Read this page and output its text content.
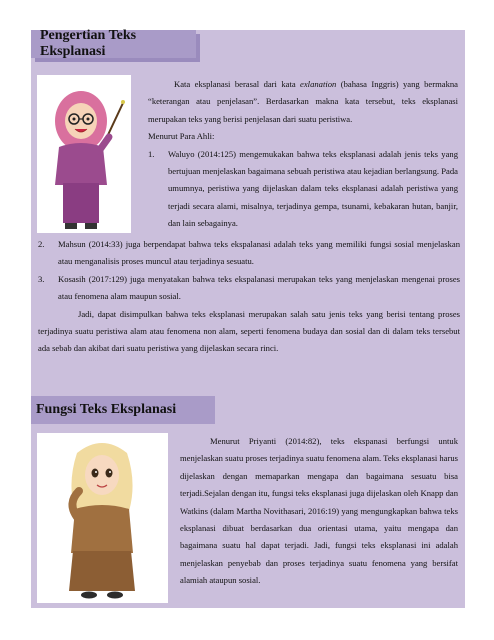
Pengertian Teks Eksplanasi
Kata eksplanasi berasal dari kata exlanation (bahasa Inggris) yang bermakna “keterangan atau penjelasan”. Berdasarkan makna kata tersebut, teks eksplanasi merupakan teks yang berisi penjelasan dari suatu peristiwa.
Menurut Para Ahli:
1. Waluyo (2014:125) mengemukakan bahwa teks eksplanasi adalah jenis teks yang bertujuan menjelaskan bagaimana sebuah peristiwa atau kejadian berlangsung. Pada umumnya, peristiwa yang dijelaskan dalam teks eksplanasi adalah peristiwa yang terjadi secara alami, misalnya, terjadinya gempa, tsunami, kebakaran hutan, banjir, dan lain sebagainya.
2. Mahsun (2014:33) juga berpendapat bahwa teks ekspalanasi adalah teks yang memiliki fungsi sosial menjelaskan atau menganalisis proses muncul atau terjadinya sesuatu.
3. Kosasih (2017:129) juga menyatakan bahwa teks ekspalanasi merupakan teks yang menjelaskan mengenai proses atau fenomena alam maupun sosial.
Jadi, dapat disimpulkan bahwa teks eksplanasi merupakan salah satu jenis teks yang berisi tentang proses terjadinya suatu peristiwa alam atau fenomena non alam, seperti fenomena budaya dan sosial dan di dalam teks tersebut ada sebab dan akibat dari suatu peristiwa yang dijelaskan secara rinci.
Fungsi Teks Eksplanasi
Menurut Priyanti (2014:82), teks ekspanasi berfungsi untuk menjelaskan suatu proses terjadinya suatu fenomena alam. Teks eksplanasi harus dijelaskan dengan memaparkan mengapa dan bagaimana sesuatu bisa terjadi.Sejalan dengan itu, fungsi teks eksplanasi juga dijelaskan oleh Knapp dan Watkins (dalam Martha Novithasari, 2016:19) yang mengungkapkan bahwa teks eksplanasi dibuat berdasarkan dua orientasi utama, yaitu mengapa dan bagaimana suatu hal dapat terjadi. Jadi, fungsi teks eksplanasi ini adalah menjelaskan penyebab dan proses terjadinya suatu fenomena yang bersifat alamiah ataupun sosial.
